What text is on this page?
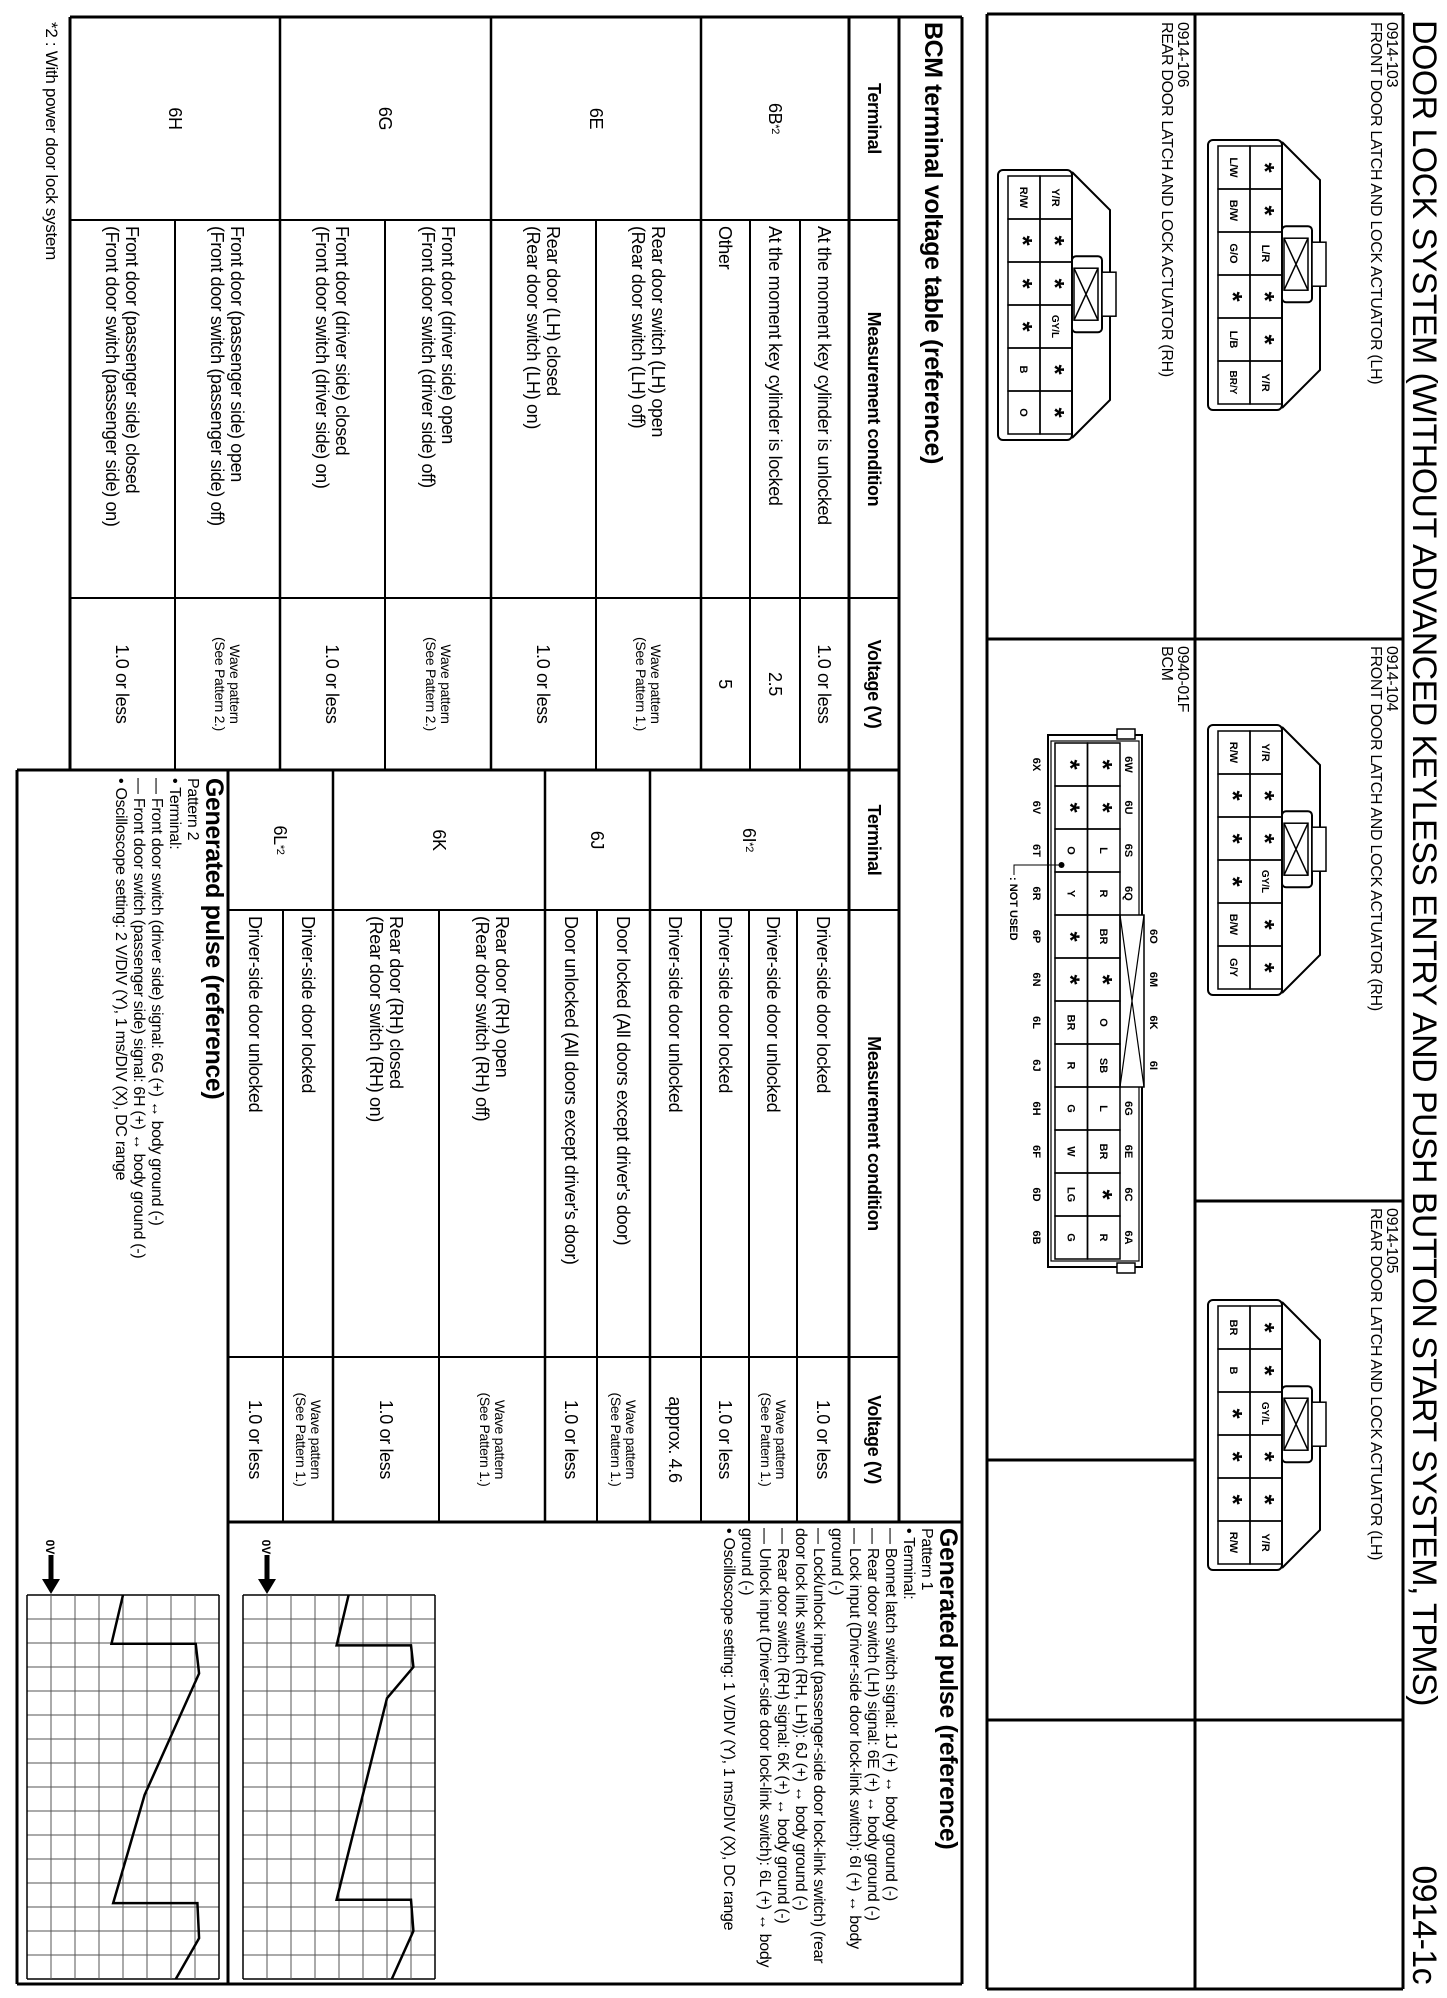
DOOR LOCK SYSTEM (WITHOUT ADVANCED KEYLESS ENTRY AND PUSH BUTTON START SYSTEM, TPMS)
0914-1c
0914-103
FRONT DOOR LATCH AND LOCK ACTUATOR (LH)
0914-106
REAR DOOR LATCH AND LOCK ACTUATOR (RH)
0914-104
FRONT DOOR LATCH AND LOCK ACTUATOR (RH)
0914-105
REAR DOOR LATCH AND LOCK ACTUATOR (LH)
0940-01F
BCM
BCM terminal voltage table (reference)
Generated pulse (reference)
Pattern 1
• Terminal:
— Bonnet latch switch signal: 1J (+) ↔ body ground (-)
— Rear door switch (LH) signal: 6E (+) ↔ body ground (-)
— Lock input (Driver-side door lock-link switch): 6I (+) ↔ body ground (-)
— Lock/unlock input (passenger-side door lock-link switch) (rear door lock link switch (RH, LH)): 6J (+) ↔ body ground (-)
— Rear door switch (RH) signal: 6K (+) ↔ body ground (-)
— Unlock input (Driver-side door lock-link switch): 6L (+) ↔ body ground (-)
• Oscilloscope setting: 1 V/DIV (Y), 1 ms/DIV (X), DC range
Generated pulse (reference)
Pattern 2
• Terminal:
— Front door switch (driver side) signal: 6G (+) ↔ body ground (-)
— Front door switch (passenger side) signal: 6H (+) ↔ body ground (-)
• Oscilloscope setting: 2 V/DIV (Y), 1 ms/DIV (X), DC range
*2 : With power door lock system	*
*
L/R
*
*
Y/R
L/W
B/W
G/O
*
L/B
BR/Y
Y/R
*
*
GY/L
*
*
R/W
*
*
*
B
O
Y/R
*
*
GY/L
*
*
R/W
*
*
*
B/W
G/Y
*
*
GY/L
*
*
Y/R
BR
B
*
*
*
R/W
6W
6U
6S
6Q
6G
6E
6C
6A
6O
6M
6K
6I
6X
6V
6T
6R
6P
6N
6L
6J
6H
6F
6D
6B
*
*
L
R
BR
*
O
SB
L
BR
*
R
*
*
O
Y
*
*
BR
R
G
W
LG
G
: NOT USED
0V
0V
Terminal
Measurement condition
Voltage (V)
6B
*2
At the moment key cylinder is unlocked
1.0 or less
At the moment key cylinder is locked
2.5
Other
5
6E
Rear door switch (LH) open
(Rear door switch (LH) off)
Wave pattern
(See Pattern 1.)
Rear door (LH) closed
(Rear door switch (LH) on)
1.0 or less
6G
Front door (driver side) open
(Front door switch (driver side) off)
Wave pattern
(See Pattern 2.)
Front door (driver side) closed
(Front door switch (driver side) on)
1.0 or less
6H
Front door (passenger side) open
(Front door switch (passenger side) off)
Wave pattern
(See Pattern 2.)
Front door (passenger side) closed
(Front door switch (passenger side) on)
1.0 or less
Terminal
Measurement condition
Voltage (V)
6I
*2
Driver-side door locked
1.0 or less
Driver-side door unlocked
Wave pattern
(See Pattern 1.)
Driver-side door locked
1.0 or less
Driver-side door unlocked
approx. 4.6
6J
Door locked (All doors except driver's door)
Wave pattern
(See Pattern 1.)
Door unlocked (All doors except driver's door)
1.0 or less
6K
Rear door (RH) open
(Rear door switch (RH) off)
Wave pattern
(See Pattern 1.)
Rear door (RH) closed
(Rear door switch (RH) on)
1.0 or less
6L
*2
Driver-side door locked
Wave pattern
(See Pattern 1.)
Driver-side door unlocked
1.0 or less
